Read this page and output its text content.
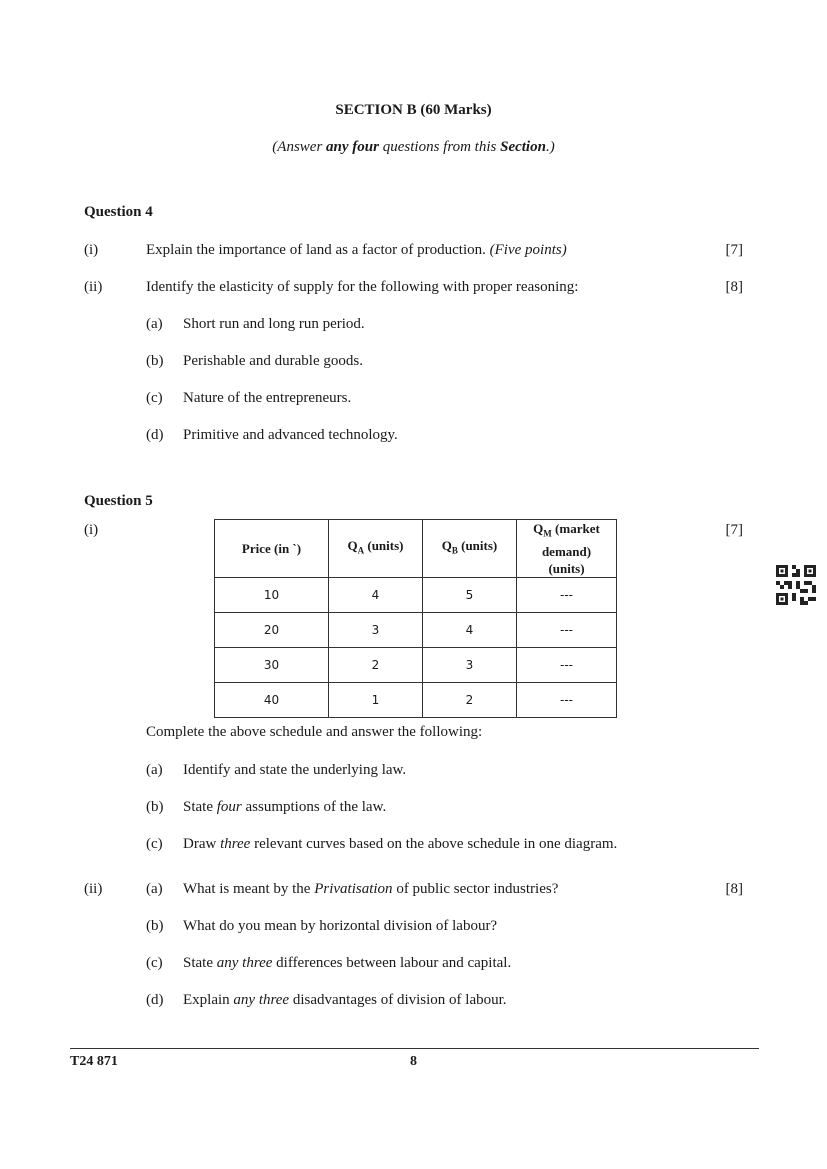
SECTION B (60 Marks)
(Answer any four questions from this Section.)
Question 4
(i)	Explain the importance of land as a factor of production. (Five points)	[7]
(ii)	Identify the elasticity of supply for the following with proper reasoning:	[8]
(a) Short run and long run period.
(b) Perishable and durable goods.
(c) Nature of the entrepreneurs.
(d) Primitive and advanced technology.
Question 5
(i)	[7]
Price (in `)	$Q_A$ (units)	$Q_B$ (units)	$Q_M$ (market
demand)
(units)
10	4	5	---
20	3	4	---
30	2	3	---
40	1	2	---
Complete the above schedule and answer the following:
(a) Identify and state the underlying law.
(b) State four assumptions of the law.
(c) Draw three relevant curves based on the above schedule in one diagram.
(ii)	(a) What is meant by the Privatisation of public sector industries?	[8]
(b) What do you mean by horizontal division of labour?
(c) State any three differences between labour and capital.
(d) Explain any three disadvantages of division of labour.
T24 871	8
